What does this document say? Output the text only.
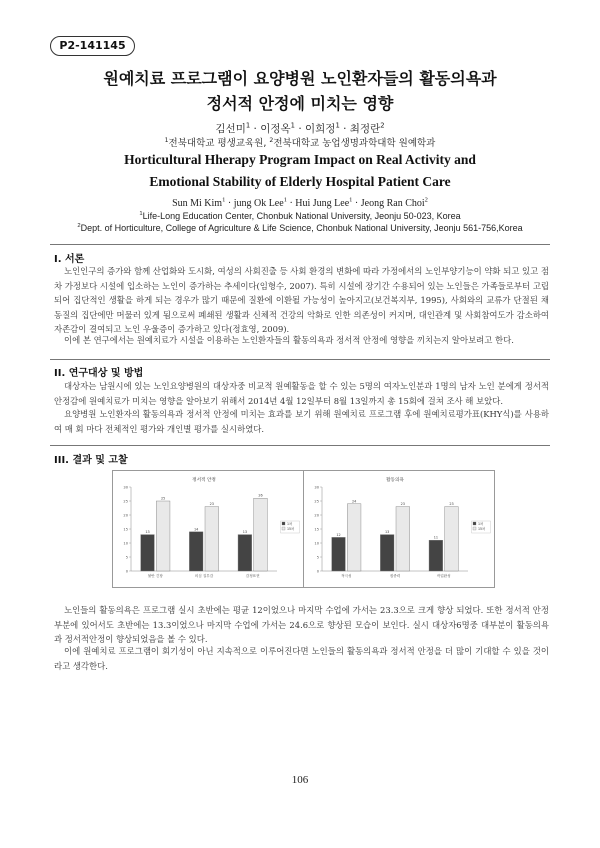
P2-141145
원예치료 프로그램이 요양병원 노인환자들의 활동의욕과
정서적 안정에 미치는 영향
김선미$^1$ · 이정옥$^1$ · 이희정$^1$ · 최정란$^2$
$^1$전북대학교 평생교육원, $^2$전북대학교 농업생명과학대학 원예학과
Horticultural Hherapy Program Impact on Real Activity and
Emotional Stability of Elderly Hospital Patient Care
Sun Mi Kim$^1$ · jung Ok Lee$^1$ · Hui Jung Lee$^1$ · Jeong Ran Choi$^2$
$^1$Life-Long Education Center, Chonbuk National University, Jeonju 50-023, Korea
$^2$Dept. of Horticulture, College of Agriculture & Life Science, Chonbuk National University, Jeonju 561-756,Korea
I. 서론
노인인구의 증가와 함께 산업화와 도시화, 여성의 사회진출 등 사회 환경의 변화에 따라 가정에서의 노인부양기능이 약화 되고 있고 점차 가정보다 시설에 입소하는 노인이 증가하는 추세이다(임형수, 2007). 특히 시설에 장기간 수용되어 있는 노인들은 가족들로부터 고립되어 집단적인 생활을 하게 되는 경우가 많기 때문에 질환에 이환될 가능성이 높아지고(보건복지부, 1995), 사회와의 교류가 단절된 채 동질의 집단에만 머물러 있게 됨으로써 폐쇄된 생활과 신체적 건강의 악화로 인한 의존성이 커지며, 대인관계 및 사회참여도가 감소하여 자존감이 결여되고 노인 우울증이 증가하고 있다(정효영, 2009).
이에 본 연구에서는 원예치료가 시설을 이용하는 노인환자들의 활동의욕과 정서적 안정에 영향을 끼치는지 알아보려고 한다.
II. 연구대상 및 방법
대상자는 남원시에 있는 노인요양병원의 대상자중 비교적 원예활동을 할 수 있는 5명의 여자노인분과 1명의 남자 노인 분에게 정서적 안정감에 원예치료가 미치는 영향을 알아보기 위해서 2014년 4월 12일부터 8월 13일까지 총 15회에 걸쳐 조사 해 보았다.
요양병원 노인환자의 활동의욕과 정서적 안정에 미치는 효과를 보기 위해 원예치료 프로그램 후에 원예치료평가표(KHY식)를 사용하여 매 회 마다 전체적인 평가와 개인별 평가를 실시하였다.
III. 결과 및 고찰
정서적 안정
0
5
10
15
20
25
30
13
25
불안 긴장
14
23
의심 질투감
13
26
감정표현
1차
15차
활동의욕
0
5
10
15
20
25
30
12
24
적극성
13
23
집중력
11
23
작업완성
1차
15차
노인들의 활동의욕은 프로그램 실시 초반에는 평균 12이었으나 마지막 수업에 가서는 23.3으로 크게 향상 되었다. 또한 정서적 안정 부분에 있어서도 초반에는 13.3이었으나 마지막 수업에 가서는 24.6으로 향상된 모습이 보인다. 실시 대상자6명중 대부분이 활동의욕과 정서적안정이 향상되었음을 볼 수 있다.
이에 원예치료 프로그램이 회기성이 아닌 지속적으로 이루어진다면 노인들의 활동의욕과 정서적 안정을 더 많이 기대할 수 있을 것이라고 생각한다.
106
